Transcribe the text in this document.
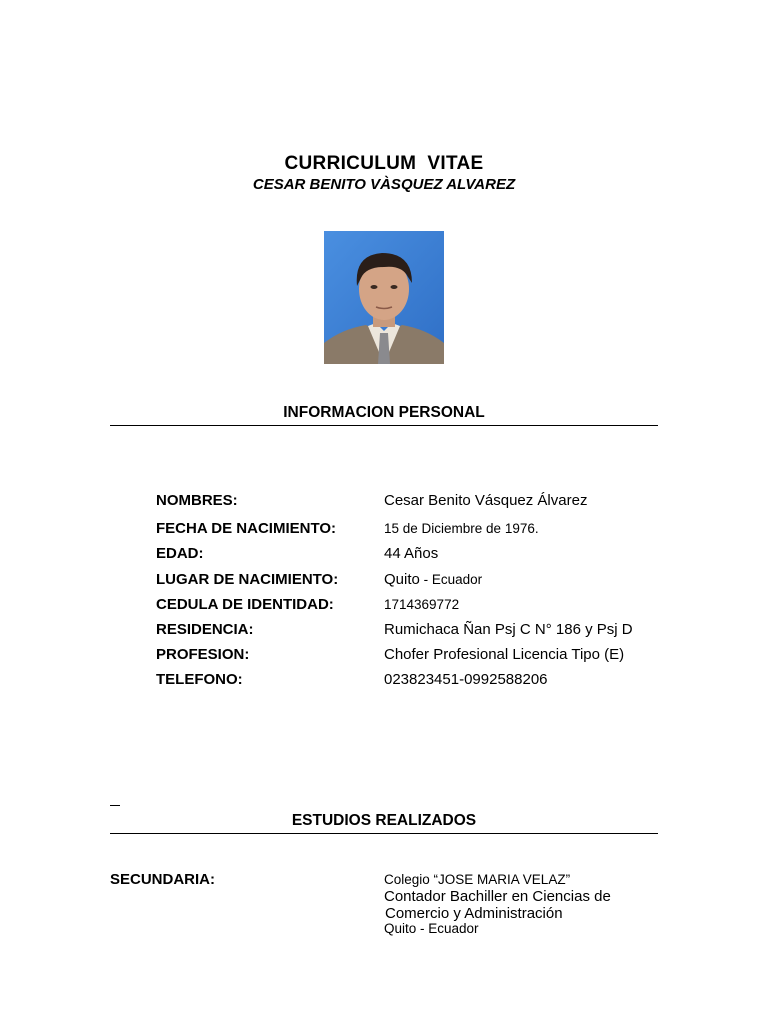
CURRICULUM  VITAE
CESAR BENITO VÀSQUEZ ALVAREZ
INFORMACION PERSONAL
NOMBRES:	Cesar Benito Vásquez Álvarez
FECHA DE NACIMIENTO:	15 de Diciembre de 1976.
EDAD:	44 Años
LUGAR DE NACIMIENTO:	Quito - Ecuador
CEDULA DE IDENTIDAD:	1714369772
RESIDENCIA:	Rumichaca Ñan Psj C N° 186 y Psj D
PROFESION:	Chofer Profesional Licencia Tipo (E)
TELEFONO:	023823451-0992588206
ESTUDIOS REALIZADOS
SECUNDARIA:	Colegio “JOSE MARIA VELAZ”
Contador Bachiller en Ciencias de
Comercio y Administración
Quito - Ecuador
